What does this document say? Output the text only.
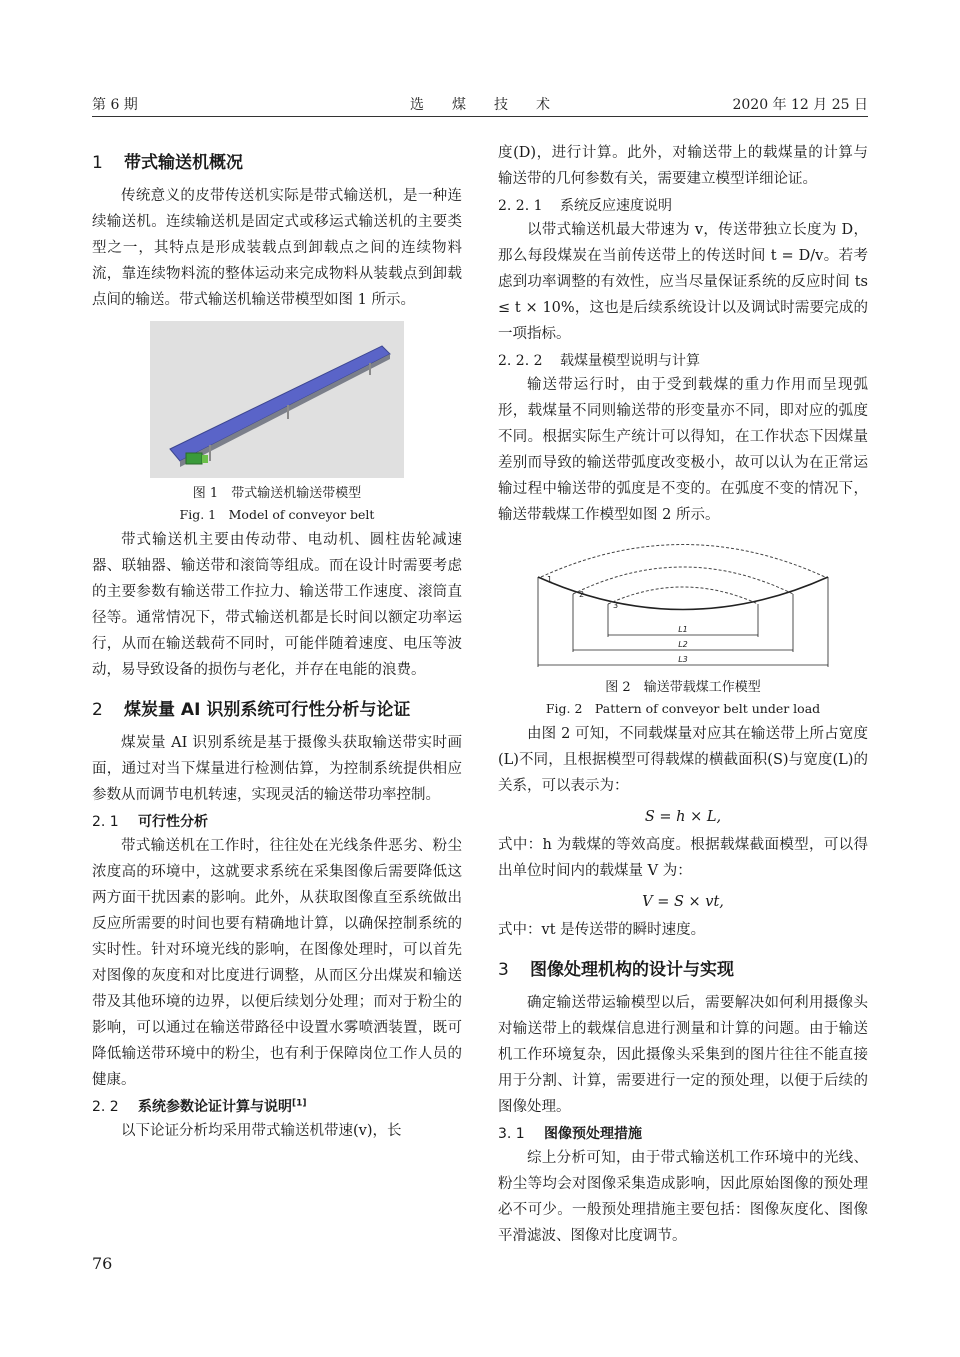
第 6 期	选　　煤　　技　　术	2020 年 12 月 25 日
1 带式输送机概况

传统意义的皮带传送机实际是带式输送机，是一种连续输送机。连续输送机是固定式或移运式输送机的主要类型之一，其特点是形成装载点到卸载点之间的连续物料流，靠连续物料流的整体运动来完成物料从装载点到卸载点间的输送。带式输送机输送带模型如图 1 所示。

图 1　带式输送机输送带模型
Fig. 1　Model of conveyor belt

带式输送机主要由传动带、电动机、圆柱齿轮减速器、联轴器、输送带和滚筒等组成。而在设计时需要考虑的主要参数有输送带工作拉力、输送带工作速度、滚筒直径等。通常情况下，带式输送机都是长时间以额定功率运行，从而在输送载荷不同时，可能伴随着速度、电压等波动，易导致设备的损伤与老化，并存在电能的浪费。

2 煤炭量 AI 识别系统可行性分析与论证

煤炭量 AI 识别系统是基于摄像头获取输送带实时画面，通过对当下煤量进行检测估算，为控制系统提供相应参数从而调节电机转速，实现灵活的输送带功率控制。

2. 1 可行性分析

带式输送机在工作时，往往处在光线条件恶劣、粉尘浓度高的环境中，这就要求系统在采集图像后需要降低这两方面干扰因素的影响。此外，从获取图像直至系统做出反应所需要的时间也要有精确地计算，以确保控制系统的实时性。针对环境光线的影响，在图像处理时，可以首先对图像的灰度和对比度进行调整，从而区分出煤炭和输送带及其他环境的边界，以便后续划分处理；而对于粉尘的影响，可以通过在输送带路径中设置水雾喷洒装置，既可降低输送带环境中的粉尘，也有利于保障岗位工作人员的健康。

2. 2 系统参数论证计算与说明[1]

以下论证分析均采用带式输送机带速(v)，长

度(D)，进行计算。此外，对输送带上的载煤量的计算与输送带的几何参数有关，需要建立模型详细论证。

2. 2. 1 系统反应速度说明

以带式输送机最大带速为 v，传送带独立长度为 D，那么每段煤炭在当前传送带上的传送时间 t = D/v。若考虑到功率调整的有效性，应当尽量保证系统的反应时间 ts ≤ t × 10%，这也是后续系统设计以及调试时需要完成的一项指标。

2. 2. 2 载煤量模型说明与计算

输送带运行时，由于受到载煤的重力作用而呈现弧形，载煤量不同则输送带的形变量亦不同，即对应的弧度不同。根据实际生产统计可以得知，在工作状态下因煤量差别而导致的输送带弧度改变极小，故可以认为在正常运输过程中输送带的弧度是不变的。在弧度不变的情况下，输送带载煤工作模型如图 2 所示。

1
2
3
L1
L2
L3
图 2　输送带载煤工作模型
Fig. 2　Pattern of conveyor belt under load

由图 2 可知，不同载煤量对应其在输送带上所占宽度(L)不同，且根据模型可得载煤的横截面积(S)与宽度(L)的关系，可以表示为：

S = h × L,

式中：h 为载煤的等效高度。根据载煤截面模型，可以得出单位时间内的载煤量 V 为：

V = S × vt,

式中：vt 是传送带的瞬时速度。

3 图像处理机构的设计与实现

确定输送带运输模型以后，需要解决如何利用摄像头对输送带上的载煤信息进行测量和计算的问题。由于输送机工作环境复杂，因此摄像头采集到的图片往往不能直接用于分割、计算，需要进行一定的预处理，以便于后续的图像处理。

3. 1 图像预处理措施

综上分析可知，由于带式输送机工作环境中的光线、粉尘等均会对图像采集造成影响，因此原始图像的预处理必不可少。一般预处理措施主要包括：图像灰度化、图像平滑滤波、图像对比度调节。

76
